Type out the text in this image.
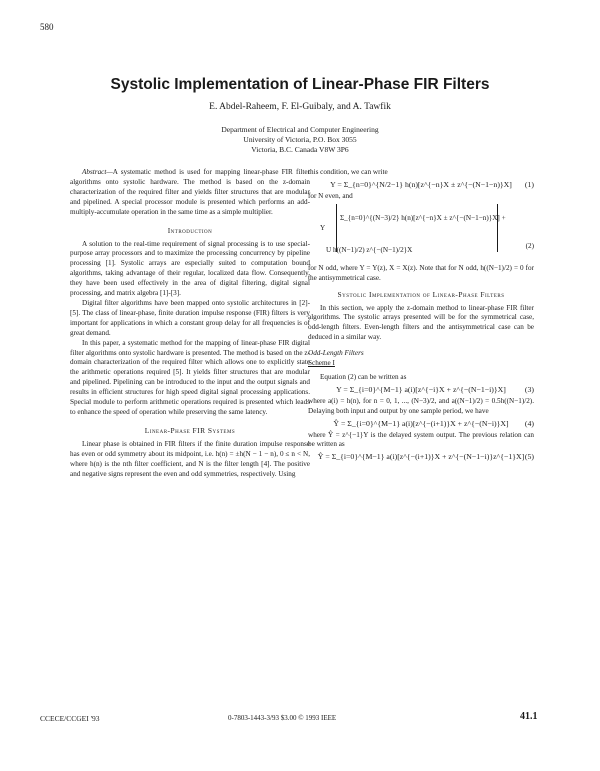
580
Systolic Implementation of Linear-Phase FIR Filters
E. Abdel-Raheem, F. El-Guibaly, and A. Tawfik
Department of Electrical and Computer Engineering
University of Victoria, P.O. Box 3055
Victoria, B.C. Canada V8W 3P6

Abstract—A systematic method is used for mapping linear-phase FIR filter algorithms onto systolic hardware. The method is based on the z-domain characterization of the required filter and yields filter structures that are modular and pipelined. A special processor module is presented which performs an add-multiply-accumulate operation in the same time as a simple multiplier.

Introduction

A solution to the real-time requirement of signal processing is to use special-purpose array processors and to maximize the processing concurrency by pipeline processing [1]. Systolic arrays are especially suited to computation bound algorithms, taking advantage of their regular, localized data flow. Consequently, they have been used effectively in the area of digital filtering, digital signal processing, and matrix algebra [1]-[3].

Digital filter algorithms have been mapped onto systolic architectures in [2]-[5]. The class of linear-phase, finite duration impulse response (FIR) filters is very important for applications in which a constant group delay for all frequencies is of great demand.

In this paper, a systematic method for the mapping of linear-phase FIR digital filter algorithms onto systolic hardware is presented. The method is based on the z-domain characterization of the required filter which allows one to explicitly state the arithmetic operations required [5]. It yields filter structures that are modular and pipelined. Pipelining can be introduced to the input and the output signals and results in efficient structures for high speed digital signal processing applications. Special module to perform arithmetic operations required is presented which leads to enhance the speed of operation while preserving the same latency.

Linear-Phase FIR Systems

Linear phase is obtained in FIR filters if the finite duration impulse response has even or odd symmetry about its midpoint, i.e. h(n) = ±h(N − 1 − n), 0 ≤ n < N, where h(n) is the nth filter coefficient, and N is the filter length [4]. The positive and negative signs represent the even and odd symmetries, respectively. Using

this condition, we can write

Y = Σ_{n=0}^{N/2−1} h(n)[z^{−n}X ± z^{−(N−1−n)}X]	(1)

for N even, and

Y
Σ_{n=0}^{(N−3)/2} h(n)[z^{−n}X ± z^{−(N−1−n)}X] +
U h((N−1)/2) z^{−(N−1)/2}X	(2)

for N odd, where Y = Y(z), X = X(z). Note that for N odd, h((N−1)/2) = 0 for the antisymmetrical case.

Systolic Implementation of Linear-Phase Filters

In this section, we apply the z-domain method to linear-phase FIR filter algorithms. The systolic arrays presented will be for the symmetrical case, odd-length filters. Even-length filters and the antisymmetrical case can be deduced in a similar way.

Odd-Length Filters

Scheme I

Equation (2) can be written as

Y = Σ_{i=0}^{M−1} a(i)[z^{−i}X + z^{−(N−1−i)}X]	(3)

where a(i) = h(n), for n = 0, 1, ..., (N−3)/2, and a((N−1)/2) = 0.5h((N−1)/2). Delaying both input and output by one sample period, we have

Ŷ = Σ_{i=0}^{M−1} a(i)[z^{−(i+1)}X + z^{−(N−i)}X]	(4)

where Ŷ = z^{−1}Y is the delayed system output. The previous relation can be written as

Ŷ = Σ_{i=0}^{M−1} a(i)[z^{−(i+1)}X + z^{−(N−1−i)}z^{−1}X] (5)
CCECE/CCGEI '93	0-7803-1443-3/93 $3.00 © 1993 IEEE	41.1
